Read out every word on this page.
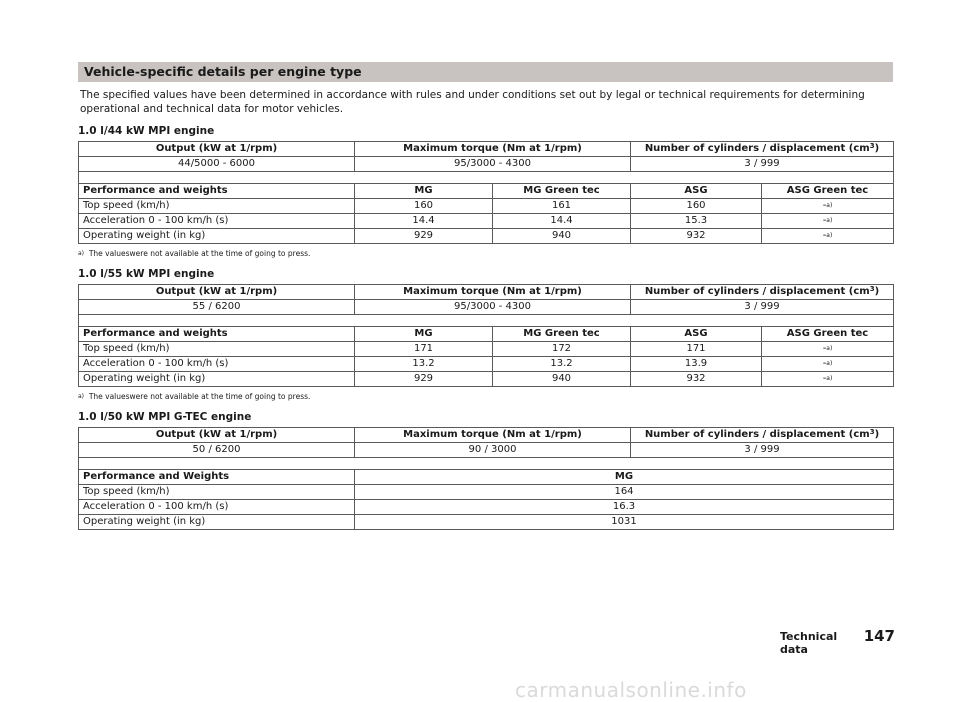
Vehicle-specific details per engine type
The specified values have been determined in accordance with rules and under conditions set out by legal or technical requirements for determining operational and technical data for motor vehicles.
1.0 l/44 kW MPI engine
Output (kW at 1/rpm)	Maximum torque (Nm at 1/rpm)	Number of cylinders / displacement $(cm^3)$
44/5000 - 6000	95/3000 - 4300	3 / 999

Performance and weights	MG	MG Green tec	ASG	ASG Green tec
Top speed (km/h)	160	161	160	-$^{a)}$
Acceleration 0 - 100 km/h (s)	14.4	14.4	15.3	-$^{a)}$
Operating weight (in kg)	929	940	932	-$^{a)}$
$^{a)}$ The valueswere not available at the time of going to press.
1.0 l/55 kW MPI engine
Output (kW at 1/rpm)	Maximum torque (Nm at 1/rpm)	Number of cylinders / displacement $(cm^3)$
55 / 6200	95/3000 - 4300	3 / 999

Performance and weights	MG	MG Green tec	ASG	ASG Green tec
Top speed (km/h)	171	172	171	-$^{a)}$
Acceleration 0 - 100 km/h (s)	13.2	13.2	13.9	-$^{a)}$
Operating weight (in kg)	929	940	932	-$^{a)}$
$^{a)}$ The valueswere not available at the time of going to press.
1.0 l/50 kW MPI G-TEC engine
Output (kW at 1/rpm)	Maximum torque (Nm at 1/rpm)	Number of cylinders / displacement $(cm^3)$
50 / 6200	90 / 3000	3 / 999

Performance and Weights	MG
Top speed (km/h)	164
Acceleration 0 - 100 km/h (s)	16.3
Operating weight (in kg)	1031
Technical data
147
carmanualsonline.info
